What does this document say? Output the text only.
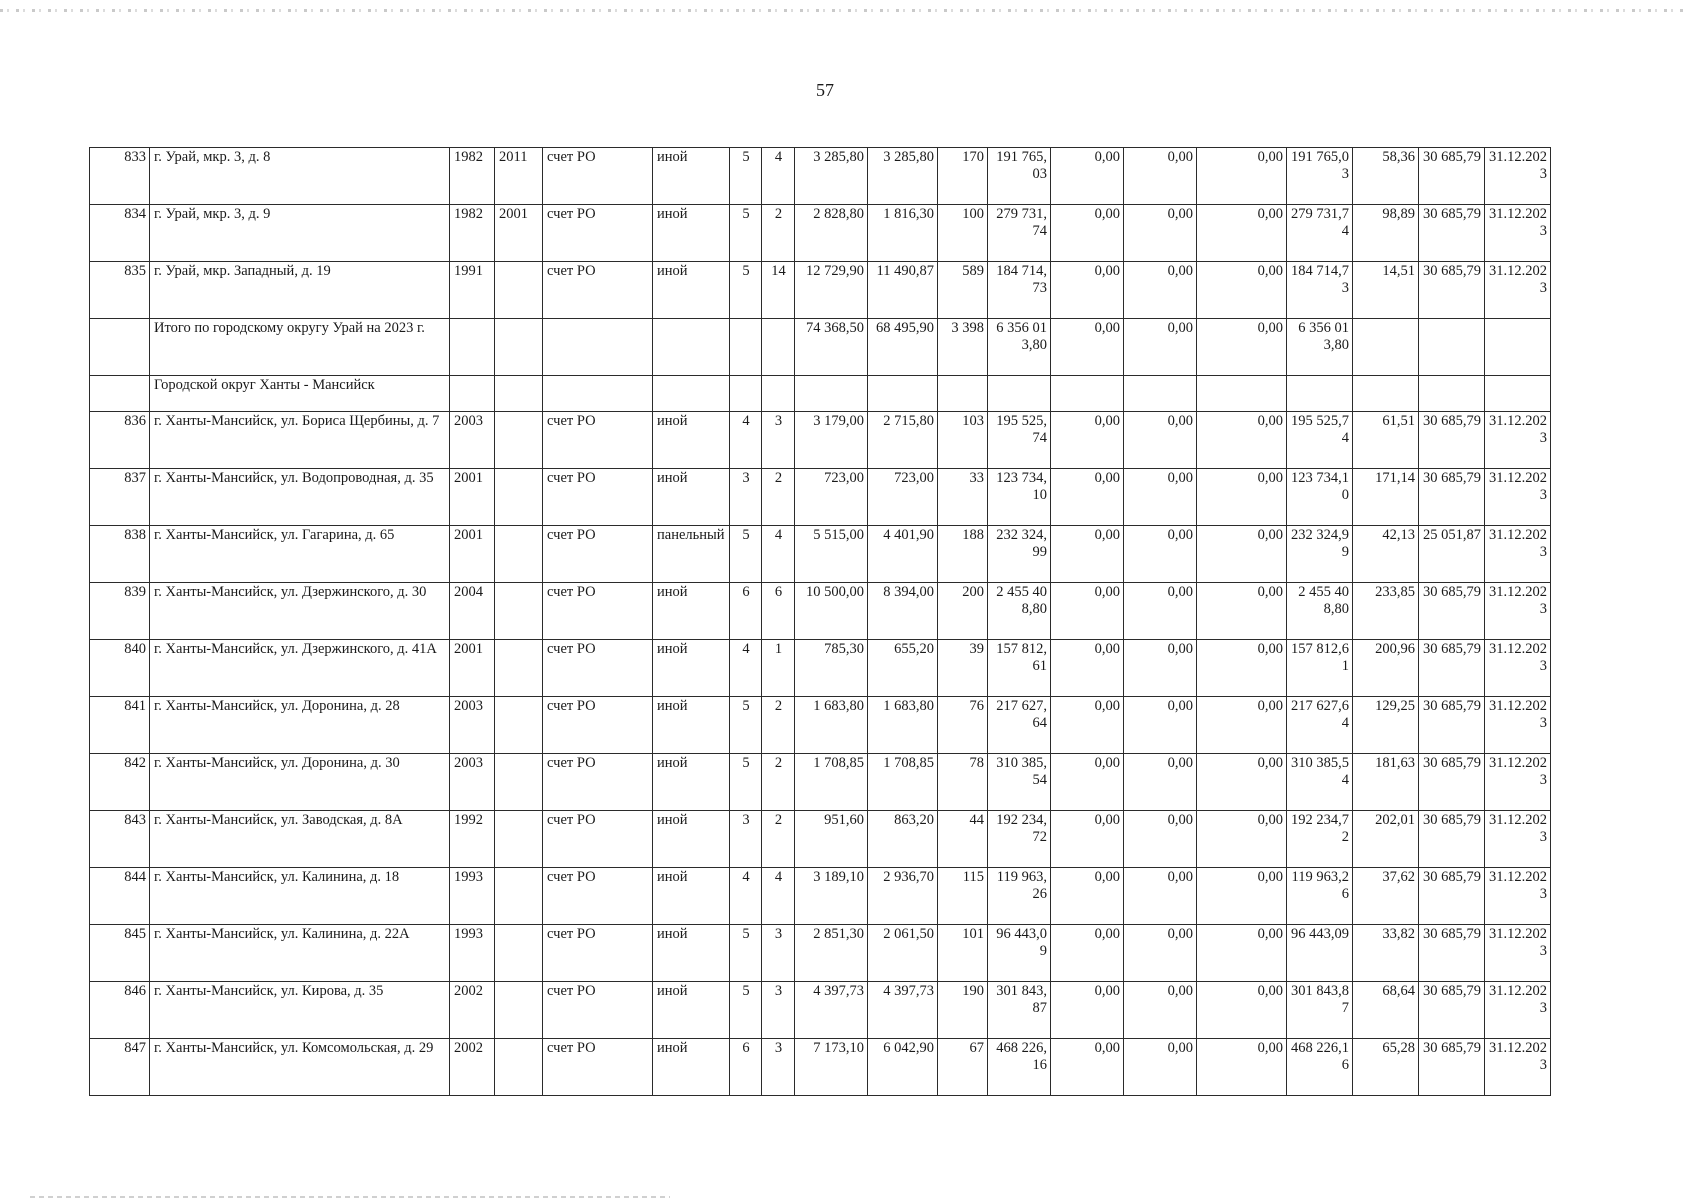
57
833	г. Урай, мкр. 3, д. 8	1982	2011	счет РО	иной	5	4	3 285,80	3 285,80	170	191 765,03	0,00	0,00	0,00	191 765,03	58,36	30 685,79	31.12.2023
834	г. Урай, мкр. 3, д. 9	1982	2001	счет РО	иной	5	2	2 828,80	1 816,30	100	279 731,74	0,00	0,00	0,00	279 731,74	98,89	30 685,79	31.12.2023
835	г. Урай, мкр. Западный, д. 19	1991		счет РО	иной	5	14	12 729,90	11 490,87	589	184 714,73	0,00	0,00	0,00	184 714,73	14,51	30 685,79	31.12.2023
	Итого по городскому округу Урай на 2023 г.							74 368,50	68 495,90	3 398	6 356 013,80	0,00	0,00	0,00	6 356 013,80			
	Городской округ Ханты - Мансийск																	
836	г. Ханты-Мансийск, ул. Бориса Щербины, д. 7	2003		счет РО	иной	4	3	3 179,00	2 715,80	103	195 525,74	0,00	0,00	0,00	195 525,74	61,51	30 685,79	31.12.2023
837	г. Ханты-Мансийск, ул. Водопроводная, д. 35	2001		счет РО	иной	3	2	723,00	723,00	33	123 734,10	0,00	0,00	0,00	123 734,10	171,14	30 685,79	31.12.2023
838	г. Ханты-Мансийск, ул. Гагарина, д. 65	2001		счет РО	панельный	5	4	5 515,00	4 401,90	188	232 324,99	0,00	0,00	0,00	232 324,99	42,13	25 051,87	31.12.2023
839	г. Ханты-Мансийск, ул. Дзержинского, д. 30	2004		счет РО	иной	6	6	10 500,00	8 394,00	200	2 455 408,80	0,00	0,00	0,00	2 455 408,80	233,85	30 685,79	31.12.2023
840	г. Ханты-Мансийск, ул. Дзержинского, д. 41А	2001		счет РО	иной	4	1	785,30	655,20	39	157 812,61	0,00	0,00	0,00	157 812,61	200,96	30 685,79	31.12.2023
841	г. Ханты-Мансийск, ул. Доронина, д. 28	2003		счет РО	иной	5	2	1 683,80	1 683,80	76	217 627,64	0,00	0,00	0,00	217 627,64	129,25	30 685,79	31.12.2023
842	г. Ханты-Мансийск, ул. Доронина, д. 30	2003		счет РО	иной	5	2	1 708,85	1 708,85	78	310 385,54	0,00	0,00	0,00	310 385,54	181,63	30 685,79	31.12.2023
843	г. Ханты-Мансийск, ул. Заводская, д. 8А	1992		счет РО	иной	3	2	951,60	863,20	44	192 234,72	0,00	0,00	0,00	192 234,72	202,01	30 685,79	31.12.2023
844	г. Ханты-Мансийск, ул. Калинина, д. 18	1993		счет РО	иной	4	4	3 189,10	2 936,70	115	119 963,26	0,00	0,00	0,00	119 963,26	37,62	30 685,79	31.12.2023
845	г. Ханты-Мансийск, ул. Калинина, д. 22А	1993		счет РО	иной	5	3	2 851,30	2 061,50	101	96 443,09	0,00	0,00	0,00	96 443,09	33,82	30 685,79	31.12.2023
846	г. Ханты-Мансийск, ул. Кирова, д. 35	2002		счет РО	иной	5	3	4 397,73	4 397,73	190	301 843,87	0,00	0,00	0,00	301 843,87	68,64	30 685,79	31.12.2023
847	г. Ханты-Мансийск, ул. Комсомольская, д. 29	2002		счет РО	иной	6	3	7 173,10	6 042,90	67	468 226,16	0,00	0,00	0,00	468 226,16	65,28	30 685,79	31.12.2023
